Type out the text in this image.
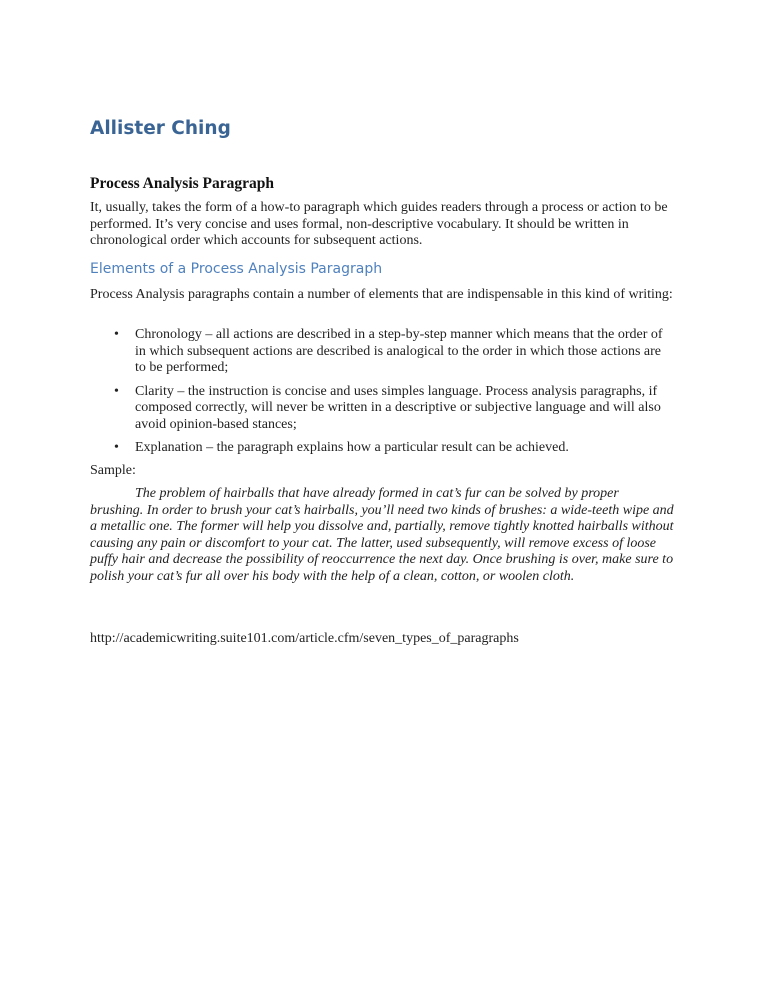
Allister Ching
Process Analysis Paragraph

It, usually, takes the form of a how-to paragraph which guides readers through a process or action to be performed. It’s very concise and uses formal, non-descriptive vocabulary. It should be written in chronological order which accounts for subsequent actions.

Elements of a Process Analysis Paragraph

Process Analysis paragraphs contain a number of elements that are indispensable in this kind of writing:

• Chronology – all actions are described in a step-by-step manner which means that the order of in which subsequent actions are described is analogical to the order in which those actions are to be performed;
• Clarity – the instruction is concise and uses simples language. Process analysis paragraphs, if composed correctly, will never be written in a descriptive or subjective language and will also avoid opinion-based stances;
• Explanation – the paragraph explains how a particular result can be achieved.

Sample:

The problem of hairballs that have already formed in cat’s fur can be solved by proper brushing. In order to brush your cat’s hairballs, you’ll need two kinds of brushes: a wide-teeth wipe and a metallic one. The former will help you dissolve and, partially, remove tightly knotted hairballs without causing any pain or discomfort to your cat. The latter, used subsequently, will remove excess of loose puffy hair and decrease the possibility of reoccurrence the next day. Once brushing is over, make sure to polish your cat’s fur all over his body with the help of a clean, cotton, or woolen cloth.

http://academicwriting.suite101.com/article.cfm/seven_types_of_paragraphs
